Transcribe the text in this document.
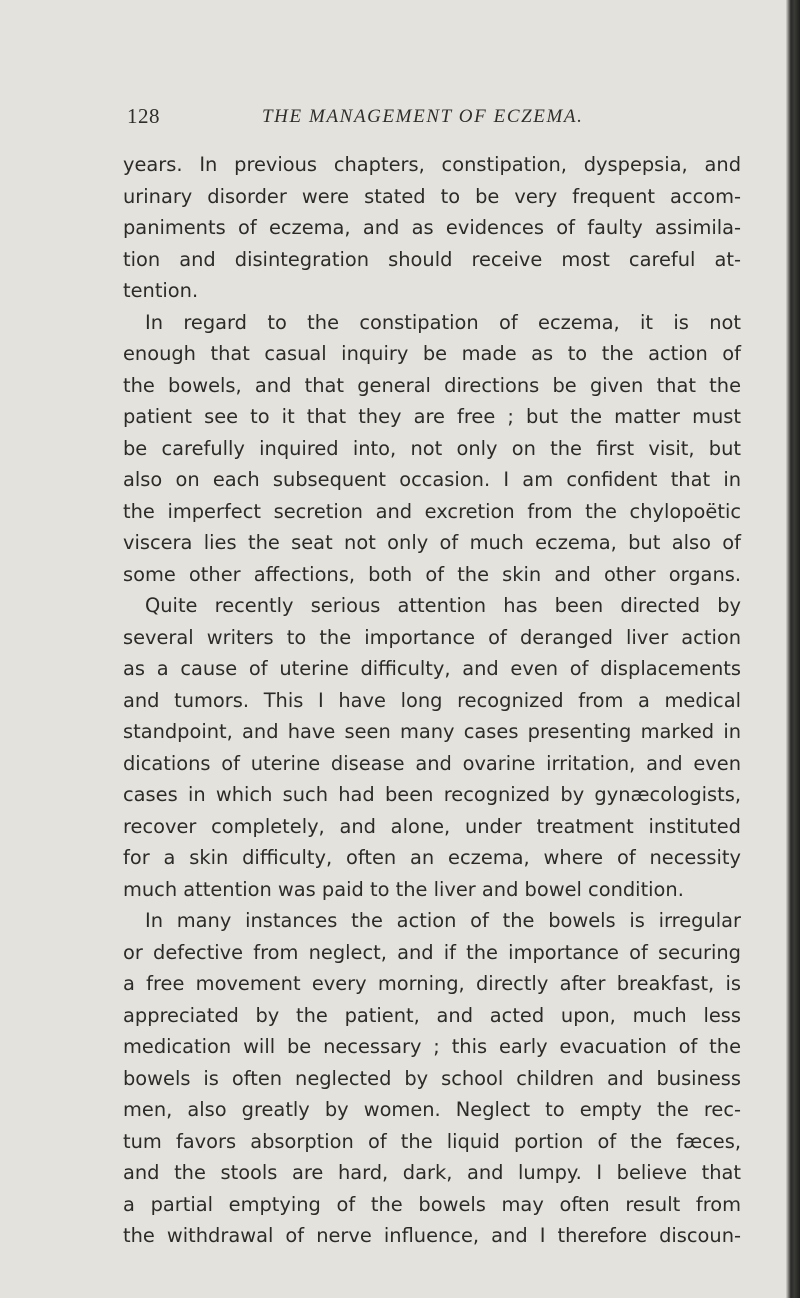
128	THE MANAGEMENT OF ECZEMA.
years. In previous chapters, constipation, dyspepsia, and
urinary disorder were stated to be very frequent accom-
paniments of eczema, and as evidences of faulty assimila-
tion and disintegration should receive most careful at-
tention.
In regard to the constipation of eczema, it is not
enough that casual inquiry be made as to the action of
the bowels, and that general directions be given that the
patient see to it that they are free ; but the matter must
be carefully inquired into, not only on the first visit, but
also on each subsequent occasion. I am confident that in
the imperfect secretion and excretion from the chylopoëtic
viscera lies the seat not only of much eczema, but also of
some other affections, both of the skin and other organs.
Quite recently serious attention has been directed by
several writers to the importance of deranged liver action
as a cause of uterine difficulty, and even of displacements
and tumors. This I have long recognized from a medical
standpoint, and have seen many cases presenting marked in
dications of uterine disease and ovarine irritation, and even
cases in which such had been recognized by gynæcologists,
recover completely, and alone, under treatment instituted
for a skin difficulty, often an eczema, where of necessity
much attention was paid to the liver and bowel condition.
In many instances the action of the bowels is irregular
or defective from neglect, and if the importance of securing
a free movement every morning, directly after breakfast, is
appreciated by the patient, and acted upon, much less
medication will be necessary ; this early evacuation of the
bowels is often neglected by school children and business
men, also greatly by women. Neglect to empty the rec-
tum favors absorption of the liquid portion of the fæces,
and the stools are hard, dark, and lumpy. I believe that
a partial emptying of the bowels may often result from
the withdrawal of nerve influence, and I therefore discoun-
